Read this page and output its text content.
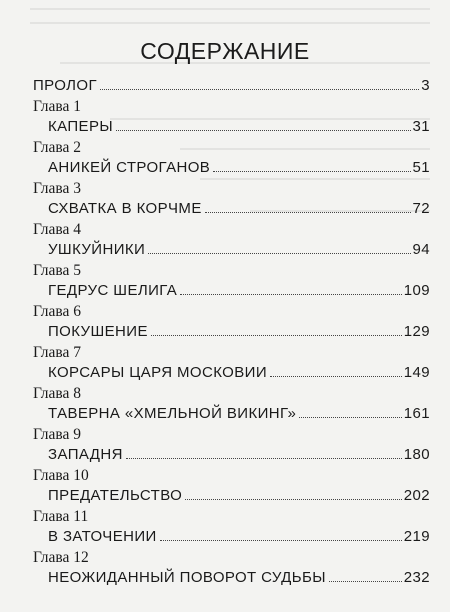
СОДЕРЖАНИЕ
ПРОЛОГ	3
Глава 1
КАПЕРЫ	31
Глава 2
АНИКЕЙ СТРОГАНОВ	51
Глава 3
СХВАТКА В КОРЧМЕ	72
Глава 4
УШКУЙНИКИ	94
Глава 5
ГЕДРУС ШЕЛИГА	109
Глава 6
ПОКУШЕНИЕ	129
Глава 7
КОРСАРЫ ЦАРЯ МОСКОВИИ	149
Глава 8
ТАВЕРНА «ХМЕЛЬНОЙ ВИКИНГ»	161
Глава 9
ЗАПАДНЯ	180
Глава 10
ПРЕДАТЕЛЬСТВО	202
Глава 11
В ЗАТОЧЕНИИ	219
Глава 12
НЕОЖИДАННЫЙ ПОВОРОТ СУДЬБЫ	232
